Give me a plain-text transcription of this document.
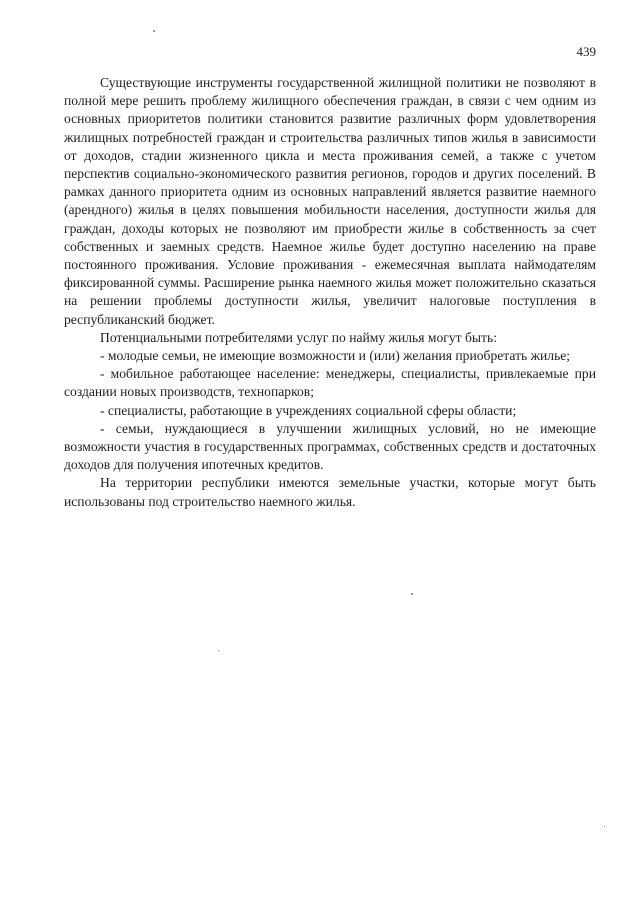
439

Существующие инструменты государственной жилищной политики не позволяют в полной мере решить проблему жилищного обеспечения граждан, в связи с чем одним из основных приоритетов политики становится развитие различных форм удовлетворения жилищных потребностей граждан и строительства различных типов жилья в зависимости от доходов, стадии жизненного цикла и места проживания семей, а также с учетом перспектив социально-экономического развития регионов, городов и других поселений. В рамках данного приоритета одним из основных направлений является развитие наемного (арендного) жилья в целях повышения мобильности населения, доступности жилья для граждан, доходы которых не позволяют им приобрести жилье в собственность за счет собственных и заемных средств. Наемное жилье будет доступно населению на праве постоянного проживания. Условие проживания - ежемесячная выплата наймодателям фиксированной суммы. Расширение рынка наемного жилья может положительно сказаться на решении проблемы доступности жилья, увеличит налоговые поступления в республиканский бюджет.

Потенциальными потребителями услуг по найму жилья могут быть:

- молодые семьи, не имеющие возможности и (или) желания приобретать жилье;

- мобильное работающее население: менеджеры, специалисты, привлекаемые при создании новых производств, технопарков;

- специалисты, работающие в учреждениях социальной сферы области;

- семьи, нуждающиеся в улучшении жилищных условий, но не имеющие возможности участия в государственных программах, собственных средств и достаточных доходов для получения ипотечных кредитов.

На территории республики имеются земельные участки, которые могут быть использованы под строительство наемного жилья.
